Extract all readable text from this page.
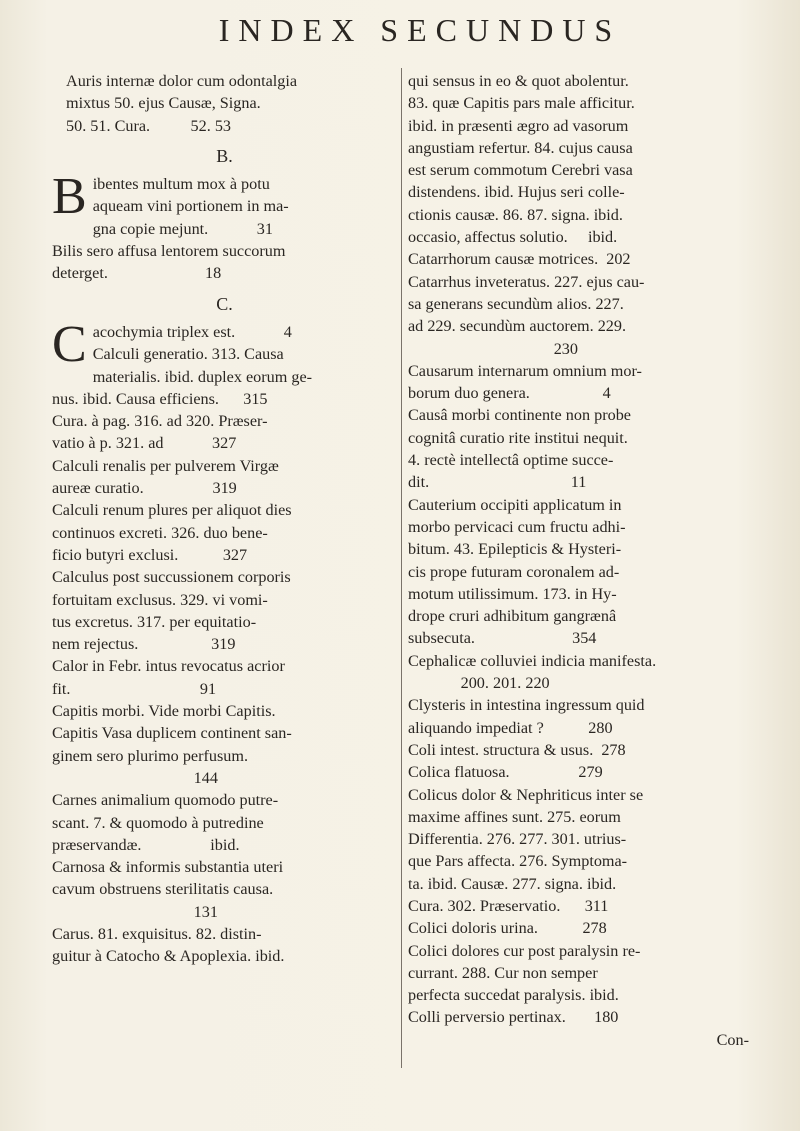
INDEX SECUNDUS
Auris internæ dolor cum odontalgia
mixtus 50. ejus Causæ, Signa.
50. 51. Cura.          52. 53
B.
B ibentes multum mox à potu
aqueam vini portionem in ma-
gna copie mejunt.            31
Bilis sero affusa lentorem succorum
deterget.                        18
C.
C acochymia triplex est.            4
Calculi generatio. 313. Causa
materialis. ibid. duplex eorum ge-
nus. ibid. Causa efficiens.      315
Cura. à pag. 316. ad 320. Præser-
vatio à p. 321. ad            327
Calculi renalis per pulverem Virgæ
aureæ curatio.                 319
Calculi renum plures per aliquot dies
continuos excreti. 326. duo bene-
ficio butyri exclusi.           327
Calculus post succussionem corporis
fortuitam exclusus. 329. vi vomi-
tus excretus. 317. per equitatio-
nem rejectus.                  319
Calor in Febr. intus revocatus acrior
fit.                                91
Capitis morbi. Vide morbi Capitis.
Capitis Vasa duplicem continent san-
ginem sero plurimo perfusum.
144
Carnes animalium quomodo putre-
scant. 7. & quomodo à putredine
præservandæ.                 ibid.
Carnosa & informis substantia uteri
cavum obstruens sterilitatis causa.
131
Carus. 81. exquisitus. 82. distin-
guitur à Catocho & Apoplexia. ibid.
qui sensus in eo & quot abolentur.
83. quæ Capitis pars male afficitur.
ibid. in præsenti ægro ad vasorum
angustiam refertur. 84. cujus causa
est serum commotum Cerebri vasa
distendens. ibid. Hujus seri colle-
ctionis causæ. 86. 87. signa. ibid.
occasio, affectus solutio.     ibid.
Catarrhorum causæ motrices.  202
Catarrhus inveteratus. 227. ejus cau-
sa generans secundùm alios. 227.
ad 229. secundùm auctorem. 229.
230
Causarum internarum omnium mor-
borum duo genera.                  4
Causâ morbi continente non probe
cognitâ curatio rite institui nequit.
4. rectè intellectâ optime succe-
dit.                                   11
Cauterium occipiti applicatum in
morbo pervicaci cum fructu adhi-
bitum. 43. Epilepticis & Hysteri-
cis prope futuram coronalem ad-
motum utilissimum. 173. in Hy-
drope cruri adhibitum gangrænâ
subsecuta.                        354
Cephalicæ colluviei indicia manifesta.
200. 201. 220
Clysteris in intestina ingressum quid
aliquando impediat ?           280
Coli intest. structura & usus.  278
Colica flatuosa.                 279
Colicus dolor & Nephriticus inter se
maxime affines sunt. 275. eorum
Differentia. 276. 277. 301. utrius-
que Pars affecta. 276. Symptoma-
ta. ibid. Causæ. 277. signa. ibid.
Cura. 302. Præservatio.      311
Colici doloris urina.           278
Colici dolores cur post paralysin re-
currant. 288. Cur non semper
perfecta succedat paralysis. ibid.
Colli perversio pertinax.       180
Con-
